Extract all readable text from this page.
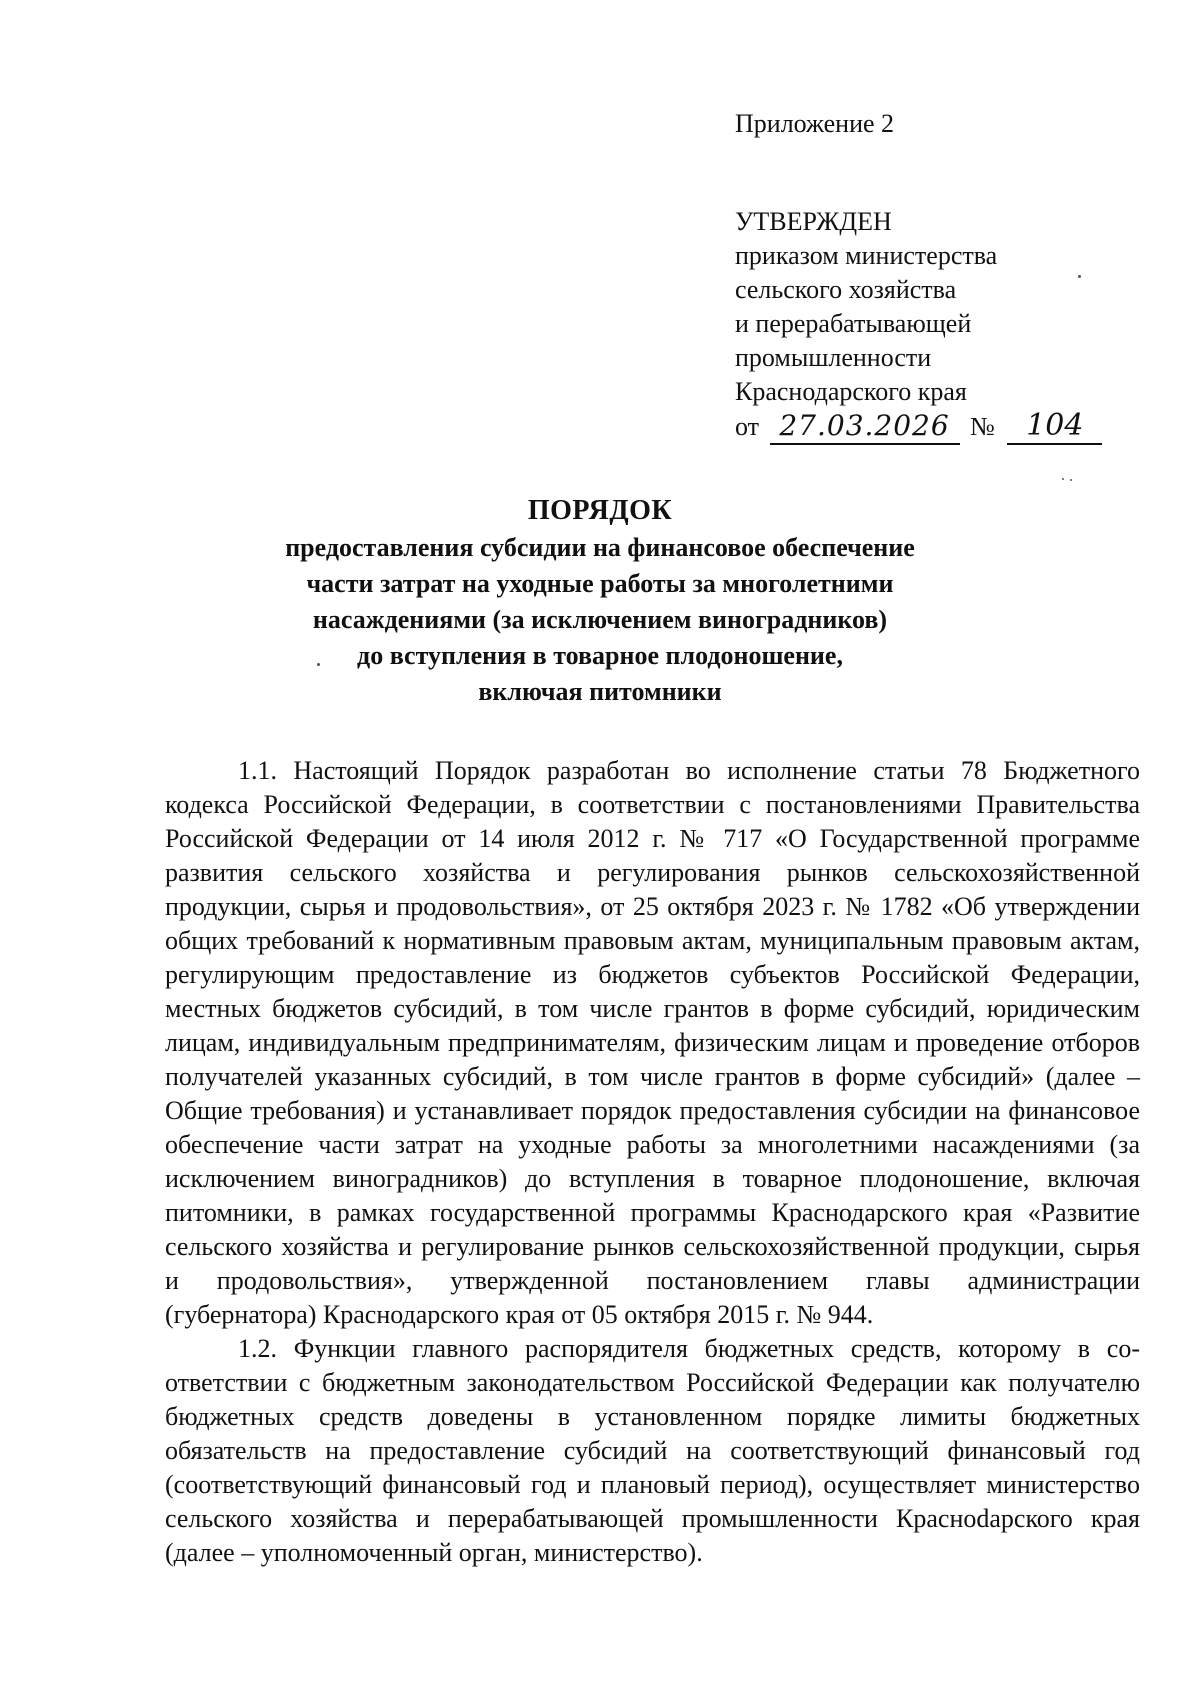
Приложение 2
УТВЕРЖДЕН
приказом министерства
сельского хозяйства
и перерабатывающей
промышленности
Краснодарского края
от 27.03.2026 № 104

ПОРЯДОК

предоставления субсидии на финансовое обеспечение

части затрат на уходные работы за многолетними

насаждениями (за исключением виноградников)

до вступления в товарное плодоношение,

включая питомники

1.1. Настоящий Порядок разработан во исполнение статьи 78 Бюджетного кодекса Российской Федерации, в соответствии с постановлениями Правительства Российской Федерации от 14 июля 2012 г. № 717 «О Государственной программе развития сельского хозяйства и регулирования рынков сельскохозяйственной продукции, сырья и продовольствия», от 25 октября 2023 г. № 1782 «Об утверждении общих требований к нормативным правовым актам, муниципальным правовым актам, регулирующим предоставление из бюджетов субъектов Российской Федерации, местных бюджетов субсидий, в том числе грантов в форме субсидий, юридическим лицам, индивидуальным предпринимателям, физическим лицам и проведение отборов получателей указанных субсидий, в том числе грантов в форме субсидий» (далее – Общие требования) и устанавливает порядок предоставления субсидии на финансовое обеспечение части затрат на уходные работы за многолетними насаждениями (за исключением виноградников) до вступления в товарное плодоношение, включая питомники, в рамках государственной программы Краснодарского края «Развитие сельского хозяйства и регулирование рынков сельскохозяйственной продукции, сырья и продовольствия», утвержденной постановлением главы администрации (губернатора) Краснодарского края от 05 октября 2015 г. № 944.

1.2. Функции главного распорядителя бюджетных средств, которому в соответствии с бюджетным законодательством Российской Федерации как получателю бюджетных средств доведены в установленном порядке лимиты бюджетных обязательств на предоставление субсидий на соответствующий финансовый год (соответствующий финансовый год и плановый период), осуществляет министерство сельского хозяйства и перерабатывающей промышленности Красноdарского края (далее – уполномоченный орган, министерство).
